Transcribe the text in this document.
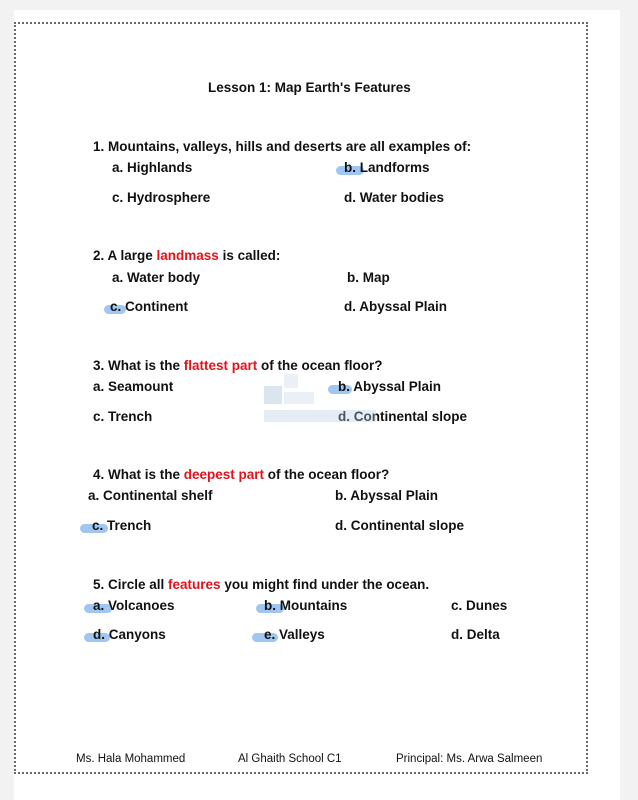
Lesson 1: Map Earth's Features
1. Mountains, valleys, hills and deserts are all examples of:
a. Highlands	b. Landforms
c. Hydrosphere	d. Water bodies
2. A large landmass is called:
a. Water body	b. Map
c. Continent	d. Abyssal Plain
3. What is the flattest part of the ocean floor?
a. Seamount	b. Abyssal Plain
c. Trench	d. Continental slope
4. What is the deepest part of the ocean floor?
a. Continental shelf	b. Abyssal Plain
c. Trench	d. Continental slope
5. Circle all features you might find under the ocean.
a. Volcanoes	b. Mountains	c. Dunes
d. Canyons	e. Valleys	d. Delta
Ms. Hala Mohammed	Al Ghaith School C1	Principal: Ms. Arwa Salmeen
